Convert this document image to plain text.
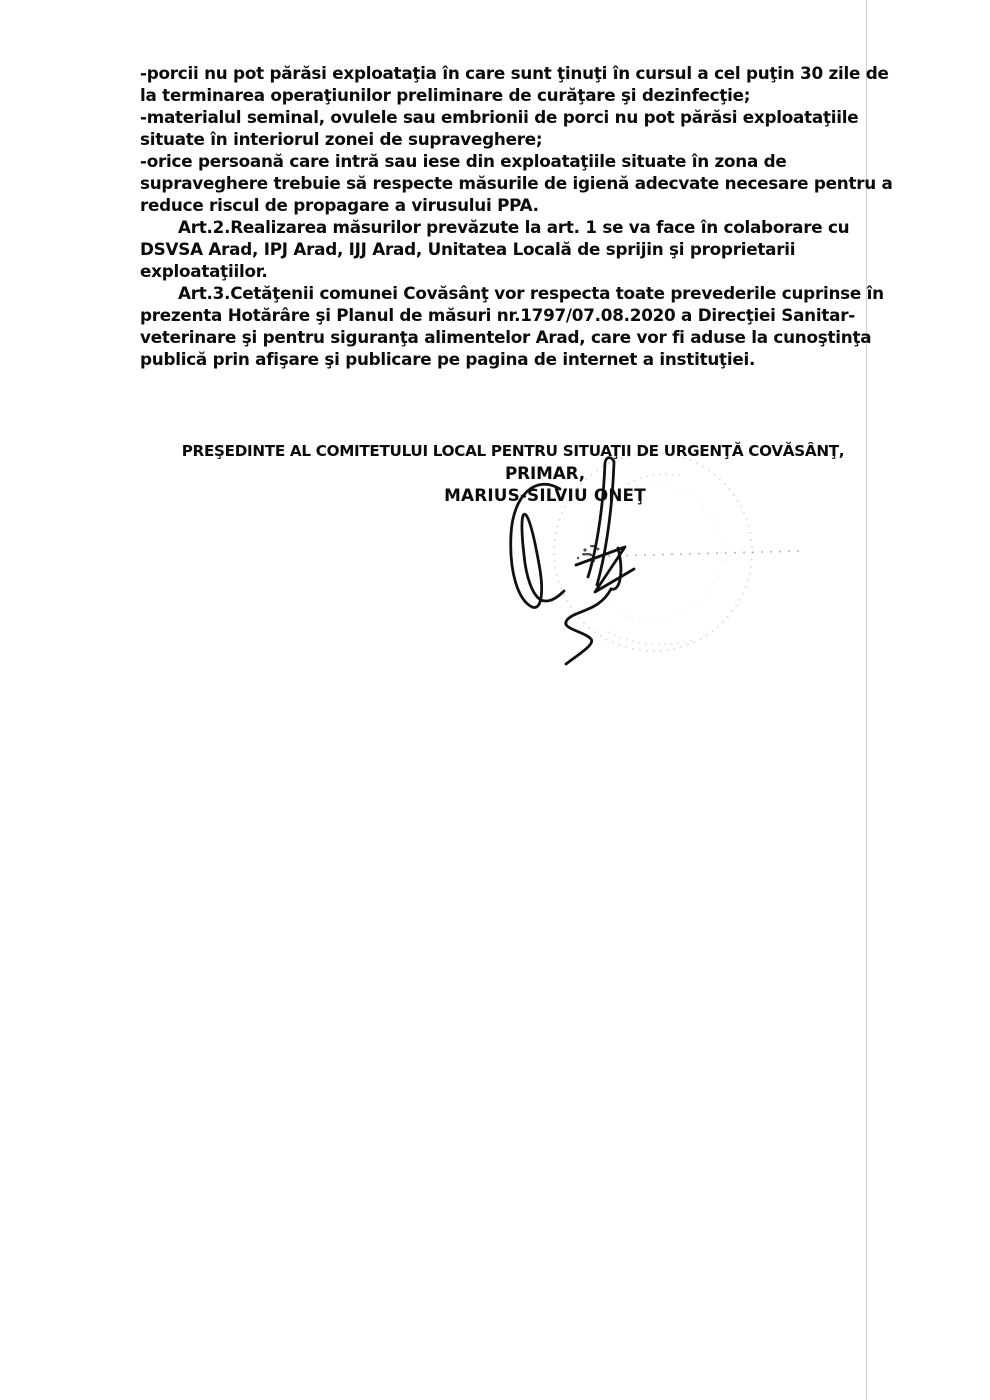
-porcii nu pot părăsi exploataţia în care sunt ţinuţi în cursul a cel puţin 30 zile de
la terminarea operaţiunilor preliminare de curăţare şi dezinfecţie;
-materialul seminal, ovulele sau embrionii de porci nu pot părăsi exploataţiile
situate în interiorul zonei de supraveghere;
-orice persoană care intră sau iese din exploataţiile situate în zona de
supraveghere trebuie să respecte măsurile de igienă adecvate necesare pentru a
reduce riscul de propagare a virusului PPA.
Art.2.Realizarea măsurilor prevăzute la art. 1 se va face în colaborare cu
DSVSA Arad, IPJ Arad, IJJ Arad, Unitatea Locală de sprijin şi proprietarii
exploataţiilor.
Art.3.Cetăţenii comunei Covăsânţ vor respecta toate prevederile cuprinse în
prezenta Hotărâre şi Planul de măsuri nr.1797/07.08.2020 a Direcţiei Sanitar-
veterinare şi pentru siguranţa alimentelor Arad, care vor fi aduse la cunoştinţa
publică prin afişare şi publicare pe pagina de internet a instituţiei.
PREŞEDINTE AL COMITETULUI LOCAL PENTRU SITUAŢII DE URGENŢĂ COVĂSÂNŢ,
PRIMAR,
MARIUS-SILVIU ONEŢ
